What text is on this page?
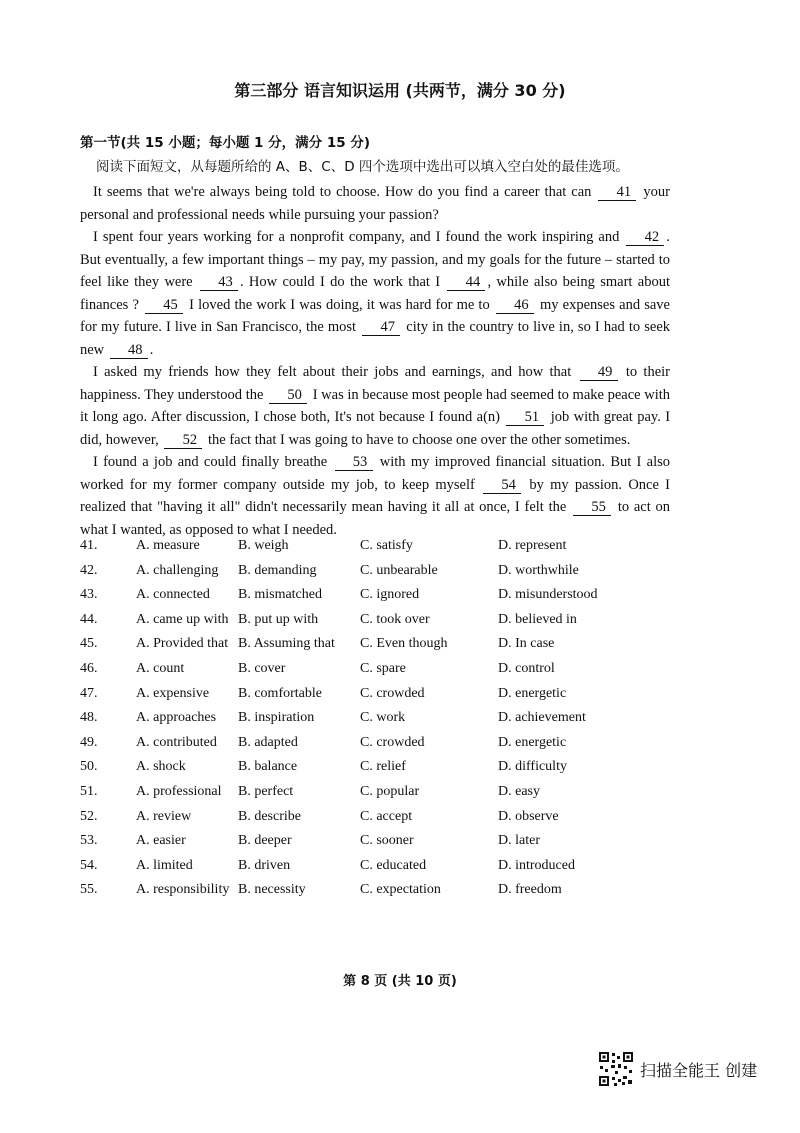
第三部分 语言知识运用 (共两节，满分 30 分)
第一节(共 15 小题；每小题 1 分，满分 15 分)
阅读下面短文，从每题所给的 A、B、C、D 四个选项中选出可以填入空白处的最佳选项。

It seems that we're always being told to choose. How do you find a career that can 41 your personal and professional needs while pursuing your passion?

I spent four years working for a nonprofit company, and I found the work inspiring and 42 . But eventually, a few important things – my pay, my passion, and my goals for the future – started to feel like they were 43 . How could I do the work that I 44 , while also being smart about finances ? 45 I loved the work I was doing, it was hard for me to 46 my expenses and save for my future. I live in San Francisco, the most 47 city in the country to live in, so I had to seek new 48 .

I asked my friends how they felt about their jobs and earnings, and how that 49 to their happiness. They understood the 50 I was in because most people had seemed to make peace with it long ago. After discussion, I chose both, It's not because I found a(n) 51 job with great pay. I did, however, 52 the fact that I was going to have to choose one over the other sometimes.

I found a job and could finally breathe 53 with my improved financial situation. But I also worked for my former company outside my job, to keep myself 54 by my passion. Once I realized that "having it all" didn't necessarily mean having it all at once, I felt the 55 to act on what I wanted, as opposed to what I needed.

41.	A. measure	B. weigh	C. satisfy	D. represent
42.	A. challenging B. demanding	C. unbearable	D. worthwhile
43.	A. connected B. mismatched	C. ignored	D. misunderstood
44.	A. came up with B. put up with	C. took over	D. believed in
45.	A. Provided that B. Assuming that C. Even though	D. In case
46.	A. count	B. cover	C. spare	D. control
47.	A. expensive B. comfortable	C. crowded	D. energetic
48.	A. approaches B. inspiration	C. work	D. achievement
49.	A. contributed B. adapted	C. crowded	D. energetic
50.	A. shock	B. balance	C. relief	D. difficulty
51.	A. professional B. perfect	C. popular	D. easy
52.	A. review	B. describe	C. accept	D. observe
53.	A. easier	B. deeper	C. sooner	D. later
54.	A. limited	B. driven	C. educated	D. introduced
55.	A. responsibility B. necessity	C. expectation	D. freedom
第 8 页 (共 10 页)
扫描全能王 创建
